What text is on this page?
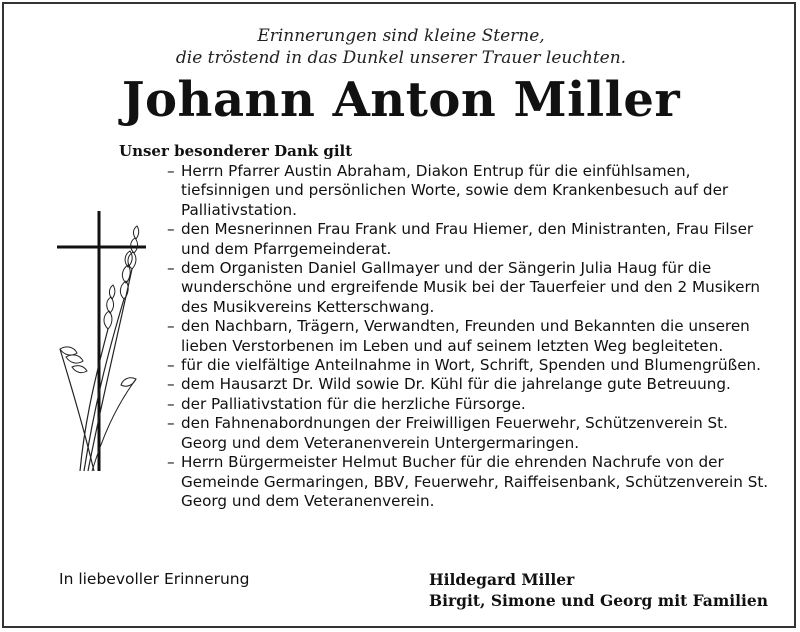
Erinnerungen sind kleine Sterne,
die tröstend in das Dunkel unserer Trauer leuchten.
Johann Anton Miller
Unser besonderer Dank gilt
– Herrn Pfarrer Austin Abraham, Diakon Entrup für die einfühlsamen, tiefsinnigen und persönlichen Worte, sowie dem Krankenbesuch auf der Palliativstation.
– den Mesnerinnen Frau Frank und Frau Hiemer, den Ministranten, Frau Filser und dem Pfarrgemeinderat.
– dem Organisten Daniel Gallmayer und der Sängerin Julia Haug für die wunderschöne und ergreifende Musik bei der Tauerfeier und den 2 Musikern des Musikvereins Ketterschwang.
– den Nachbarn, Trägern, Verwandten, Freunden und Bekannten die unseren lieben Verstorbenen im Leben und auf seinem letzten Weg begleiteten.
– für die vielfältige Anteilnahme in Wort, Schrift, Spenden und Blumengrüßen.
– dem Hausarzt Dr. Wild sowie Dr. Kühl für die jahrelange gute Betreuung.
– der Palliativstation für die herzliche Fürsorge.
– den Fahnenabordnungen der Freiwilligen Feuerwehr, Schützenverein St. Georg und dem Veteranenverein Untergermaringen.
– Herrn Bürgermeister Helmut Bucher für die ehrenden Nachrufe von der Gemeinde Germaringen, BBV, Feuerwehr, Raiffeisenbank, Schützenverein St. Georg und dem Veteranenverein.
In liebevoller Erinnerung	Hildegard Miller
Birgit, Simone und Georg mit Familien
